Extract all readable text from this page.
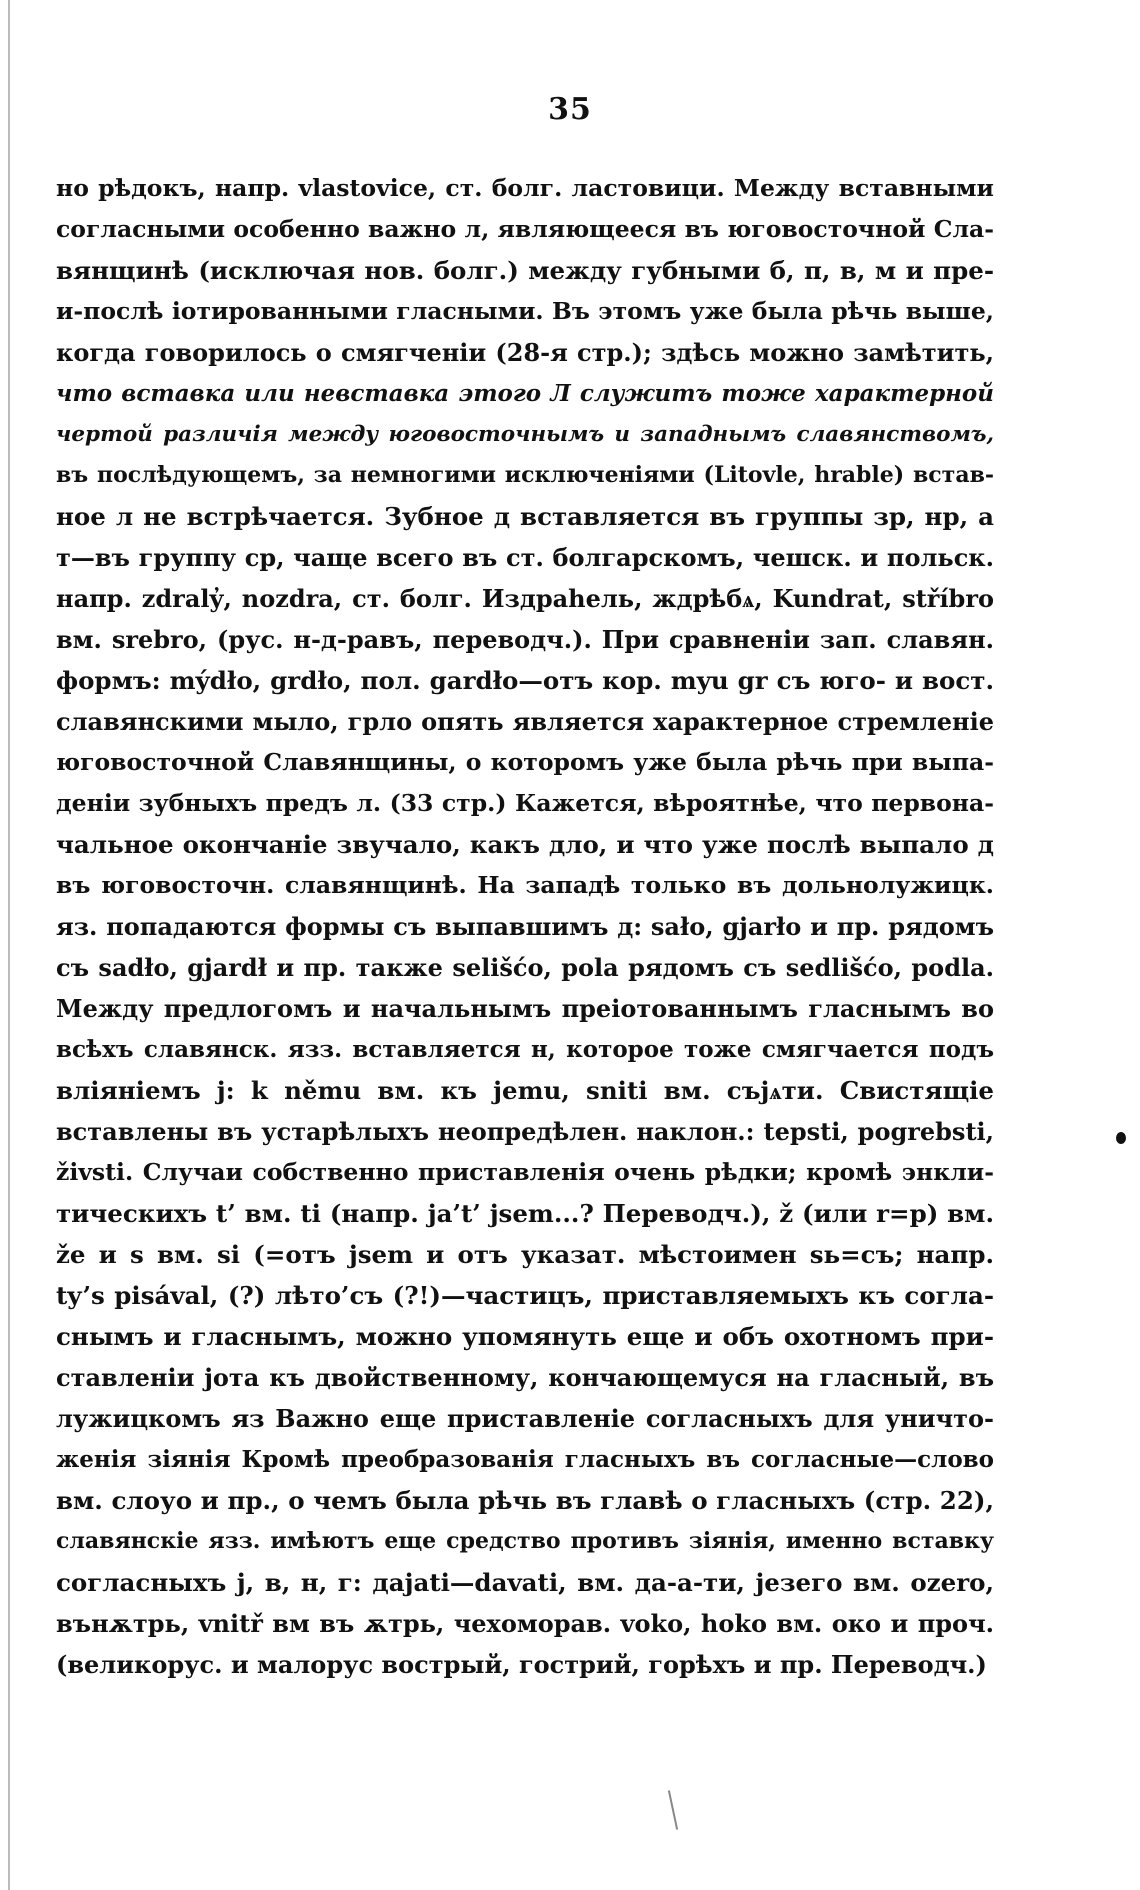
35
но рѣдокъ, напр. vlastovice, ст. болг. ластовици. Между вставными
согласными особенно важно л, являющееся въ юговосточной Сла-
вянщинѣ (исключая нов. болг.) между губными б, п, в, м и пре-
и-послѣ іотированными гласными. Въ этомъ уже была рѣчь выше,
когда говорилось о смягченіи (28-я стр.); здѣсь можно замѣтить,
что вставка или невставка этого Л служитъ тоже характерной
чертой различія между юговосточнымъ и западнымъ славянствомъ,
въ послѣдующемъ, за немногими исключеніями (Litovle, hrable) встав-
ное л не встрѣчается. Зубное д вставляется въ группы зр, нр, а
т—въ группу ср, чаще всего въ ст. болгарскомъ, чешск. и польск.
напр. zdraly̓, nozdra, ст. болг. Издраhель, ждрѣбѧ, Kundrat, stříbro
вм. srebro, (рус. н-д-равъ, переводч.). При сравненіи зап. славян.
формъ: mýdło, grdło, пол. gardło—отъ кор. myu gr съ юго- и вост.
славянскими мыло, грло опять является характерное стремленіе
юговосточной Славянщины, о которомъ уже была рѣчь при выпа-
деніи зубныхъ предъ л. (33 стр.) Кажется, вѣроятнѣе, что первона-
чальное окончаніе звучало, какъ дло, и что уже послѣ выпало д
въ юговосточн. славянщинѣ. На западѣ только въ дольнолужицк.
яз. попадаются формы съ выпавшимъ д: sało, gjarło и пр. рядомъ
съ sadło, gjardł и пр. также selišćo, pola рядомъ съ sedlišćo, podla.
Между предлогомъ и начальнымъ преіотованнымъ гласнымъ во
всѣхъ славянск. язз. вставляется н, которое тоже смягчается подъ
вліяніемъ j: k němu вм. къ jemu, sniti вм. съјѧти. Свистящіе
вставлены въ устарѣлыхъ неопредѣлен. наклон.: tepsti, pogrebsti,
živsti. Случаи собственно приставленія очень рѣдки; кромѣ энкли-
тическихъ t’ вм. ti (напр. ja’t’ jsem...? Переводч.), ž (или r=р) вм.
že и s вм. si (=отъ jsem и отъ указат. мѣстоимен sь=съ; напр.
ty’s pisával, (?) лѣто’съ (?!)—частицъ, приставляемыхъ къ согла-
снымъ и гласнымъ, можно упомянуть еще и объ охотномъ при-
ставленіи jота къ двойственному, кончающемуся на гласный, въ
лужицкомъ яз Важно еще приставленіе согласныхъ для уничто-
женія зіянія Кромѣ преобразованія гласныхъ въ согласные—слово
вм. слоуо и пр., о чемъ была рѣчь въ главѣ о гласныхъ (стр. 22),
славянскіе язз. имѣютъ еще средство противъ зіянія, именно вставку
согласныхъ j, в, н, г: даjati—davati, вм. да-а-ти, jезего вм. ozero,
вънѫтрь, vnitř вм въ ѫтрь, чехоморав. voko, hoko вм. око и проч.
(великорус. и малорус вострый, гострий, горѣхъ и пр. Переводч.)
